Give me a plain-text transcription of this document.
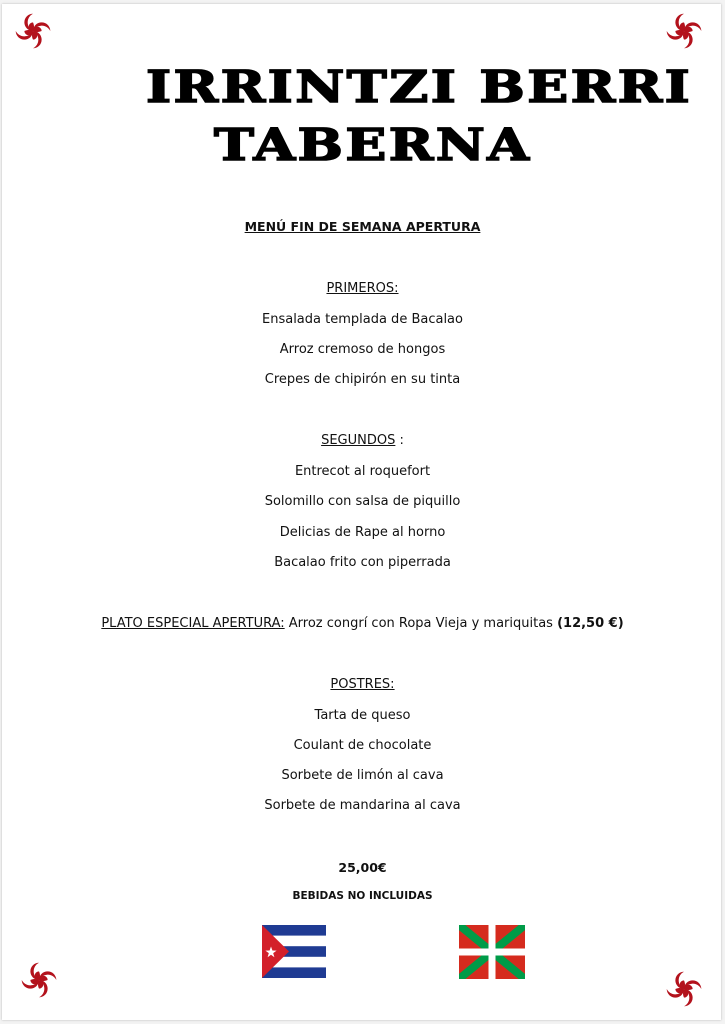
IRRINTZI BERRI
TABERNA
MENÚ FIN DE SEMANA APERTURA
PRIMEROS:
Ensalada templada de Bacalao
Arroz cremoso de hongos
Crepes de chipirón en su tinta
SEGUNDOS :
Entrecot al roquefort
Solomillo con salsa de piquillo
Delicias de Rape al horno
Bacalao frito con piperrada
PLATO ESPECIAL APERTURA: Arroz congrí con Ropa Vieja y mariquitas (12,50 €)
POSTRES:
Tarta de queso
Coulant de chocolate
Sorbete de limón al cava
Sorbete de mandarina al cava
25,00€
BEBIDAS NO INCLUIDAS
